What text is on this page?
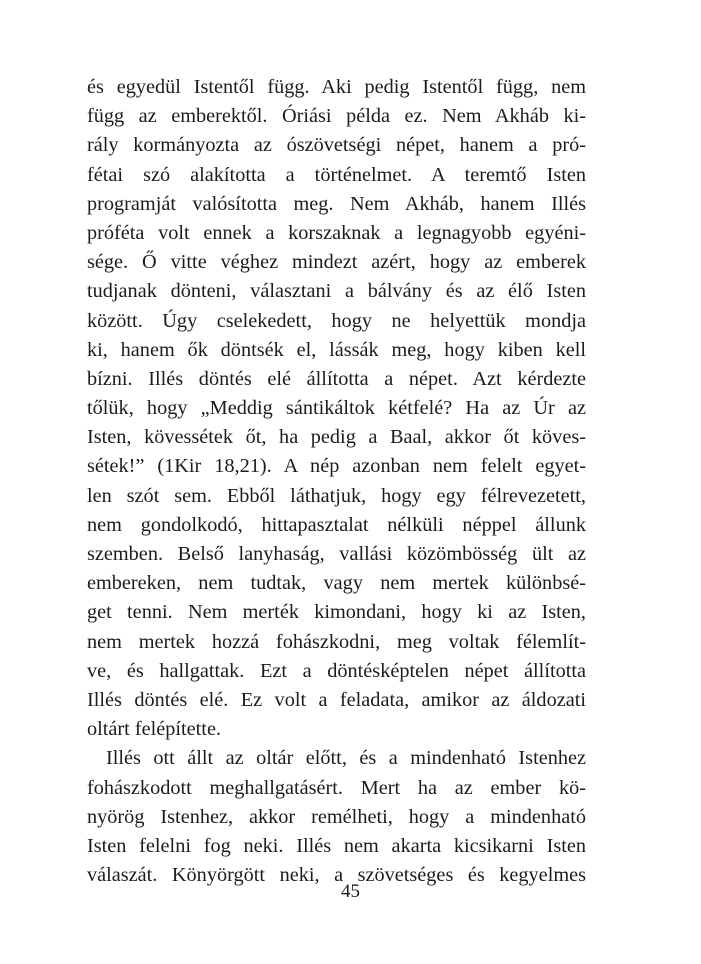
és egyedül Istentől függ. Aki pedig Istentől függ, nem
függ az emberektől. Óriási példa ez. Nem Akháb ki-
rály kormányozta az ószövetségi népet, hanem a pró-
fétai szó alakította a történelmet. A teremtő Isten
programját valósította meg. Nem Akháb, hanem Illés
próféta volt ennek a korszaknak a legnagyobb egyéni-
sége. Ő vitte véghez mindezt azért, hogy az emberek
tudjanak dönteni, választani a bálvány és az élő Isten
között. Úgy cselekedett, hogy ne helyettük mondja
ki, hanem ők döntsék el, lássák meg, hogy kiben kell
bízni. Illés döntés elé állította a népet. Azt kérdezte
tőlük, hogy „Meddig sántikáltok kétfelé? Ha az Úr az
Isten, kövessétek őt, ha pedig a Baal, akkor őt köves-
sétek!” (1Kir 18,21). A nép azonban nem felelt egyet-
len szót sem. Ebből láthatjuk, hogy egy félrevezetett,
nem gondolkodó, hittapasztalat nélküli néppel állunk
szemben. Belső lanyhaság, vallási közömbösség ült az
embereken, nem tudtak, vagy nem mertek különbsé-
get tenni. Nem merték kimondani, hogy ki az Isten,
nem mertek hozzá fohászkodni, meg voltak félemlít-
ve, és hallgattak. Ezt a döntésképtelen népet állította
Illés döntés elé. Ez volt a feladata, amikor az áldozati
oltárt felépítette.
Illés ott állt az oltár előtt, és a mindenható Istenhez
fohászkodott meghallgatásért. Mert ha az ember kö-
nyörög Istenhez, akkor remélheti, hogy a mindenható
Isten felelni fog neki. Illés nem akarta kicsikarni Isten
válaszát. Könyörgött neki, a szövetséges és kegyelmes
45
